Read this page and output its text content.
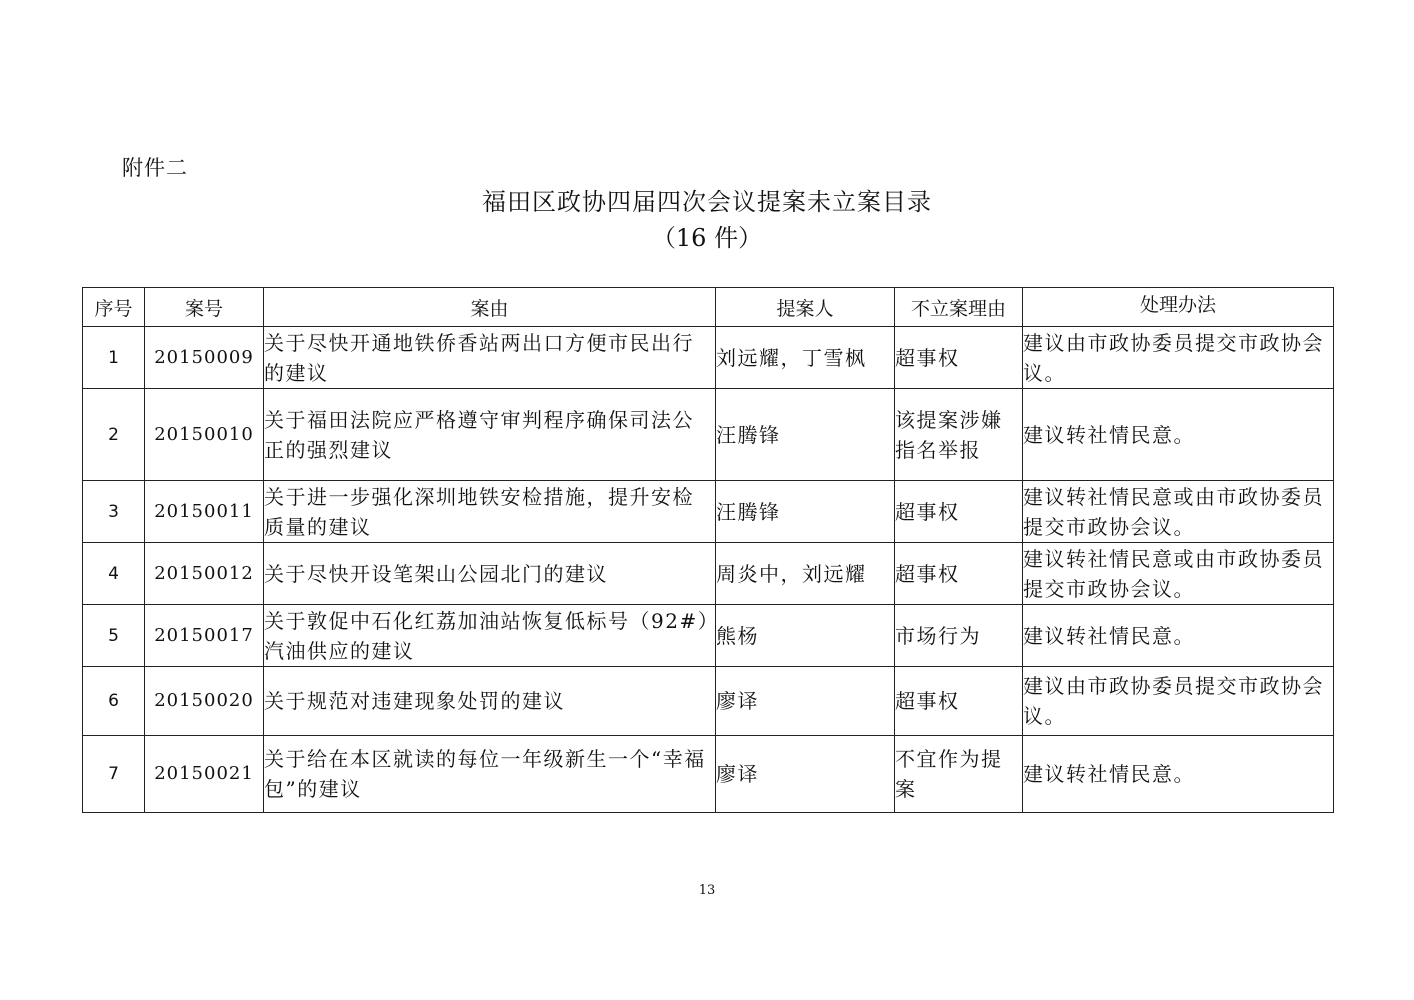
附件二
福田区政协四届四次会议提案未立案目录
（16 件）
序号	案号	案由	提案人	不立案理由	处理办法
1	20150009	关于尽快开通地铁侨香站两出口方便市民出行的建议	刘远耀，丁雪枫	超事权	建议由市政协委员提交市政协会议。
2	20150010	关于福田法院应严格遵守审判程序确保司法公正的强烈建议	汪腾锋	该提案涉嫌指名举报	建议转社情民意。
3	20150011	关于进一步强化深圳地铁安检措施，提升安检质量的建议	汪腾锋	超事权	建议转社情民意或由市政协委员提交市政协会议。
4	20150012	关于尽快开设笔架山公园北门的建议	周炎中，刘远耀	超事权	建议转社情民意或由市政协委员提交市政协会议。
5	20150017	关于敦促中石化红荔加油站恢复低标号（92#）汽油供应的建议	熊杨	市场行为	建议转社情民意。
6	20150020	关于规范对违建现象处罚的建议	廖译	超事权	建议由市政协委员提交市政协会议。
7	20150021	关于给在本区就读的每位一年级新生一个“幸福包”的建议	廖译	不宜作为提案	建议转社情民意。
13
